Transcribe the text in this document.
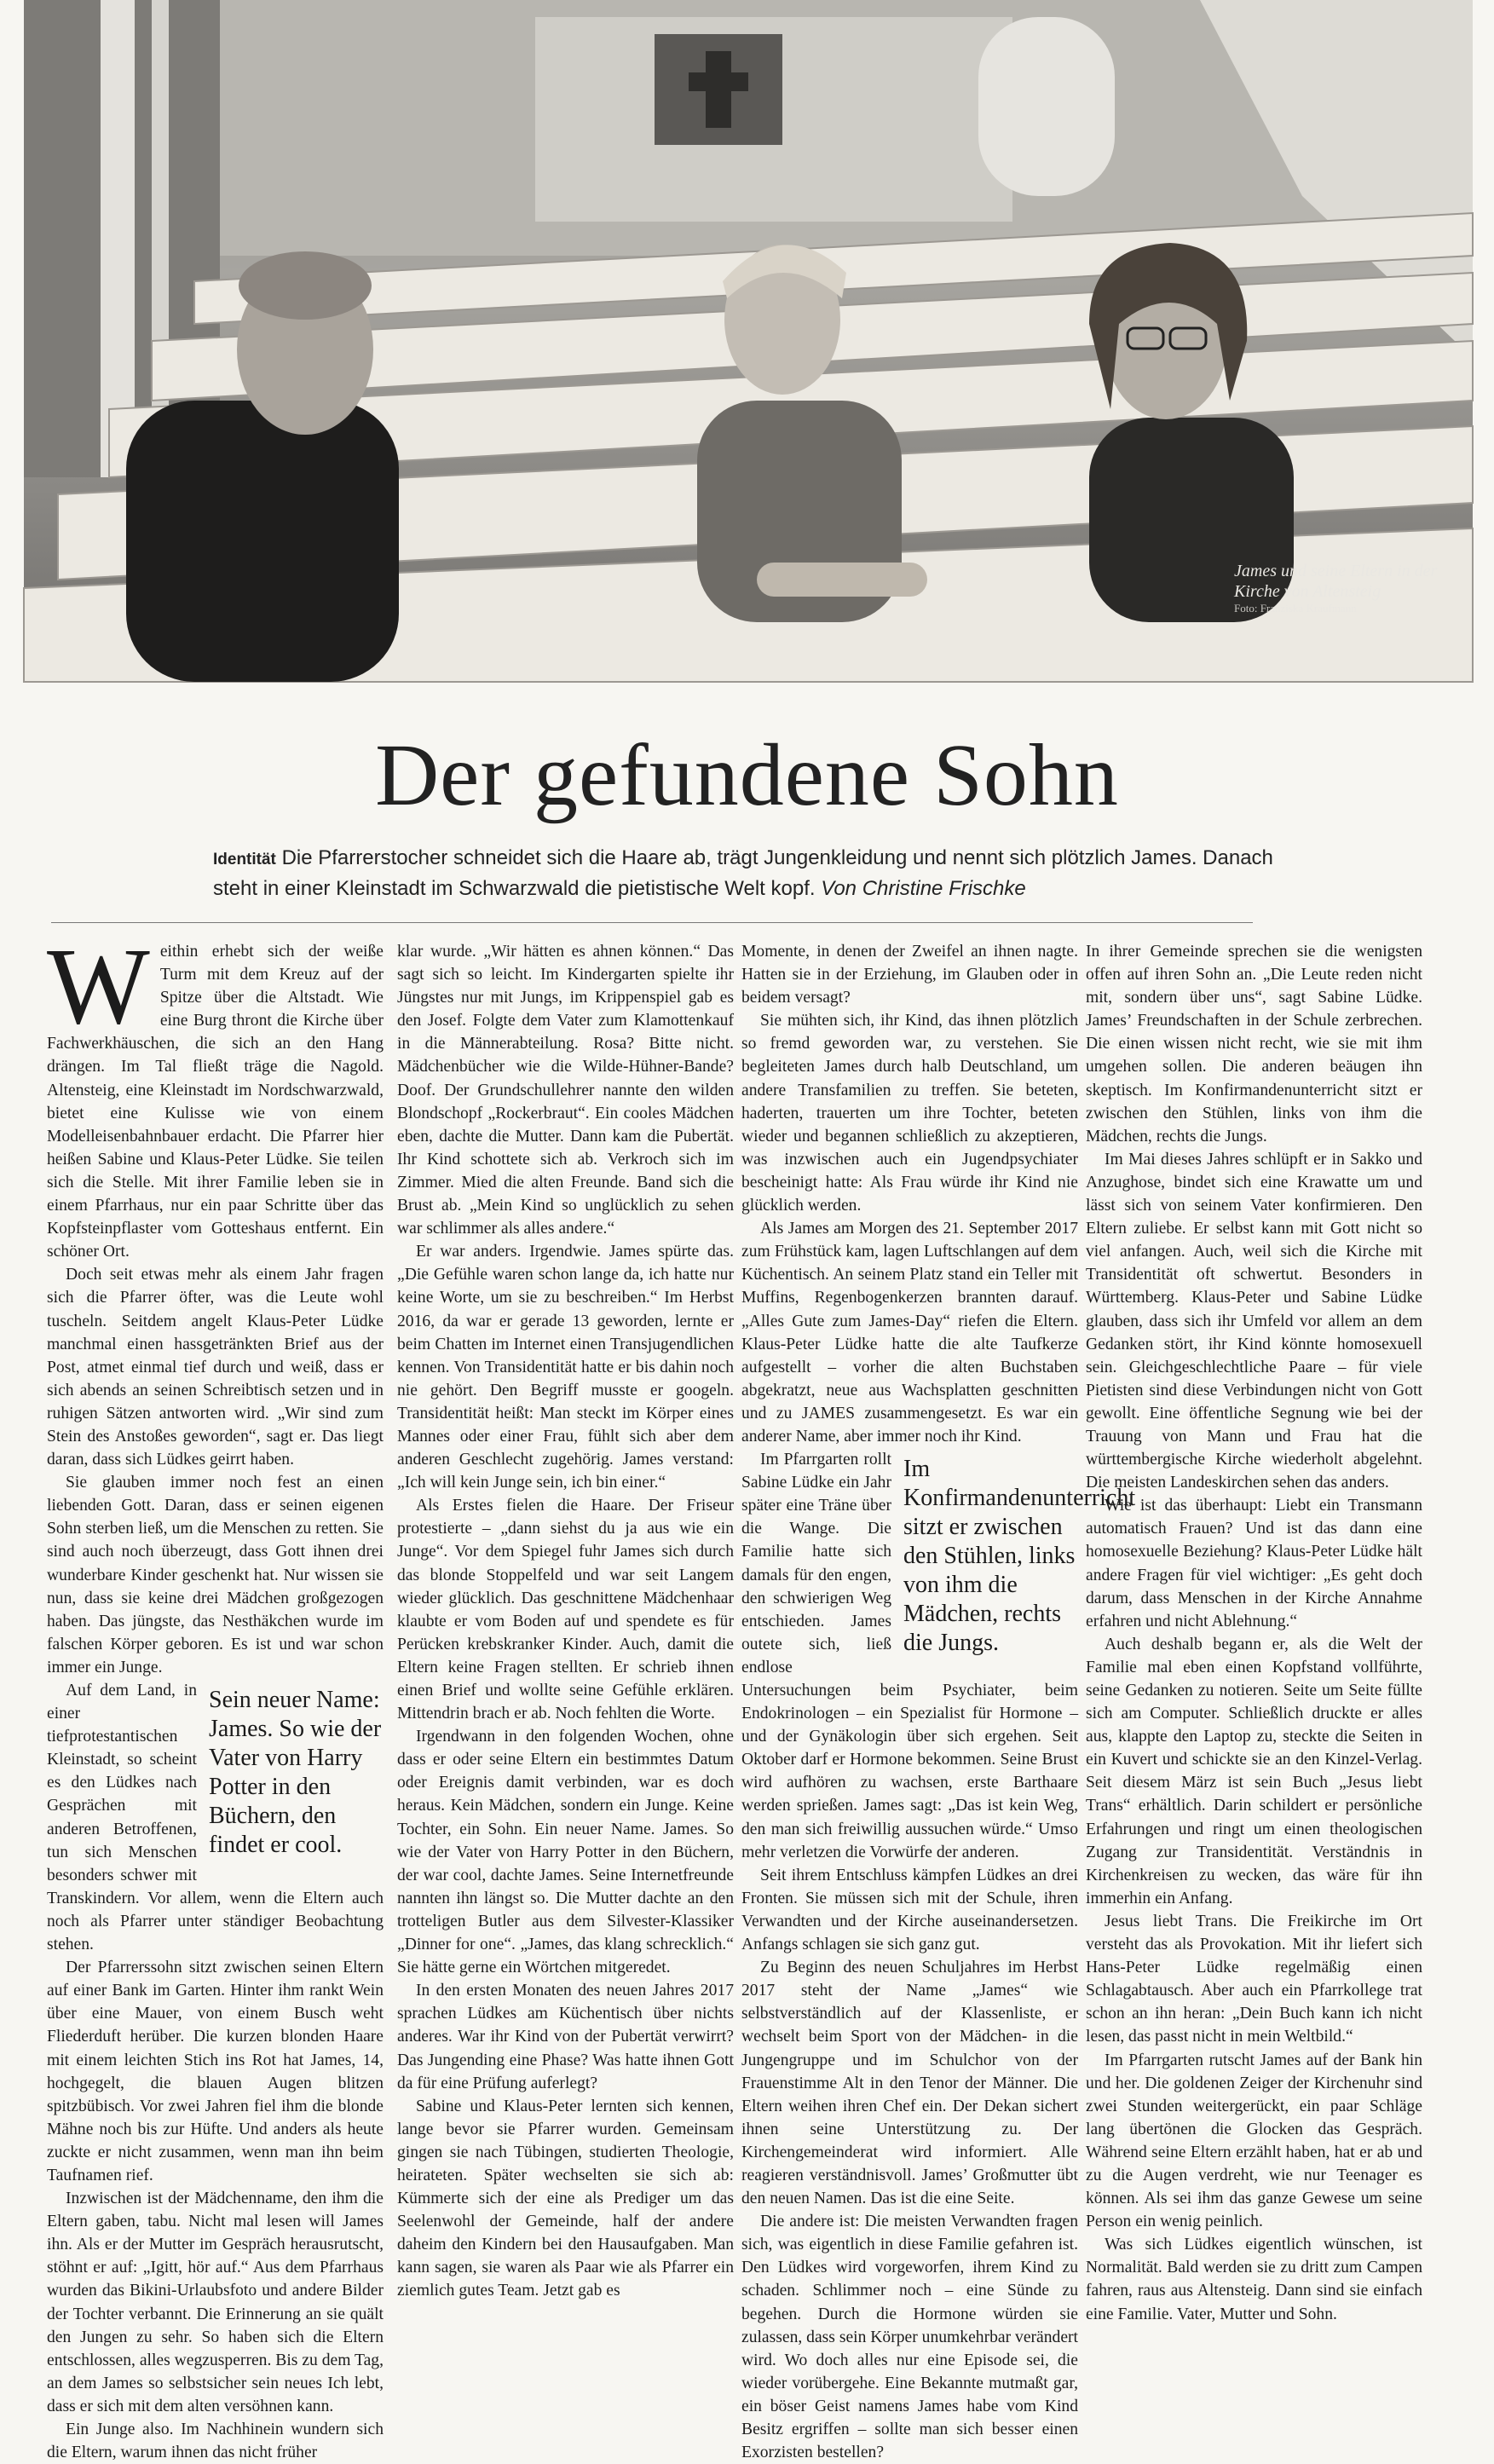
James und seine Eltern in der Kirche von Altensteig
Foto: Franziska Kraufmann
Der gefundene Sohn
Identität Die Pfarrerstocher schneidet sich die Haare ab, trägt Jungenkleidung und nennt sich plötzlich James. Danach steht in einer Kleinstadt im Schwarzwald die pietistische Welt kopf. Von Christine Frischke

Weithin erhebt sich der weiße Turm mit dem Kreuz auf der Spitze über die Altstadt. Wie eine Burg thront die Kirche über Fachwerkhäuschen, die sich an den Hang drängen. Im Tal fließt träge die Nagold. Altensteig, eine Kleinstadt im Nordschwarzwald, bietet eine Kulisse wie von einem Modelleisenbahnbauer erdacht. Die Pfarrer hier heißen Sabine und Klaus-Peter Lüdke. Sie teilen sich die Stelle. Mit ihrer Familie leben sie in einem Pfarrhaus, nur ein paar Schritte über das Kopfsteinpflaster vom Gotteshaus entfernt. Ein schöner Ort.

Doch seit etwas mehr als einem Jahr fragen sich die Pfarrer öfter, was die Leute wohl tuscheln. Seitdem angelt Klaus-Peter Lüdke manchmal einen hassgetränkten Brief aus der Post, atmet einmal tief durch und weiß, dass er sich abends an seinen Schreibtisch setzen und in ruhigen Sätzen antworten wird. „Wir sind zum Stein des Anstoßes geworden“, sagt er. Das liegt daran, dass sich Lüdkes geirrt haben.

Sie glauben immer noch fest an einen liebenden Gott. Daran, dass er seinen eigenen Sohn sterben ließ, um die Menschen zu retten. Sie sind auch noch überzeugt, dass Gott ihnen drei wunderbare Kinder geschenkt hat. Nur wissen sie nun, dass sie keine drei Mädchen großgezogen haben. Das jüngste, das Nesthäkchen wurde im falschen Körper geboren. Es ist und war schon immer ein Junge.

Sein neuer Name: James. So wie der Vater von Harry Potter in den Büchern, den findet er cool.

Auf dem Land, in einer tiefprotestantischen Kleinstadt, so scheint es den Lüdkes nach Gesprächen mit anderen Betroffenen, tun sich Menschen besonders schwer mit Transkindern. Vor allem, wenn die Eltern auch noch als Pfarrer unter ständiger Beobachtung stehen.

Der Pfarrerssohn sitzt zwischen seinen Eltern auf einer Bank im Garten. Hinter ihm rankt Wein über eine Mauer, von einem Busch weht Fliederduft herüber. Die kurzen blonden Haare mit einem leichten Stich ins Rot hat James, 14, hochgegelt, die blauen Augen blitzen spitzbübisch. Vor zwei Jahren fiel ihm die blonde Mähne noch bis zur Hüfte. Und anders als heute zuckte er nicht zusammen, wenn man ihn beim Taufnamen rief.

Inzwischen ist der Mädchenname, den ihm die Eltern gaben, tabu. Nicht mal lesen will James ihn. Als er der Mutter im Gespräch herausrutscht, stöhnt er auf: „Igitt, hör auf.“ Aus dem Pfarrhaus wurden das Bikini-Urlaubsfoto und andere Bilder der Tochter verbannt. Die Erinnerung an sie quält den Jungen zu sehr. So haben sich die Eltern entschlossen, alles wegzusperren. Bis zu dem Tag, an dem James so selbstsicher sein neues Ich lebt, dass er sich mit dem alten versöhnen kann.

Ein Junge also. Im Nachhinein wundern sich die Eltern, warum ihnen das nicht früher

klar wurde. „Wir hätten es ahnen können.“ Das sagt sich so leicht. Im Kindergarten spielte ihr Jüngstes nur mit Jungs, im Krippenspiel gab es den Josef. Folgte dem Vater zum Klamottenkauf in die Männerabteilung. Rosa? Bitte nicht. Mädchenbücher wie die Wilde-Hühner-Bande? Doof. Der Grundschullehrer nannte den wilden Blondschopf „Rockerbraut“. Ein cooles Mädchen eben, dachte die Mutter. Dann kam die Pubertät. Ihr Kind schottete sich ab. Verkroch sich im Zimmer. Mied die alten Freunde. Band sich die Brust ab. „Mein Kind so unglücklich zu sehen war schlimmer als alles andere.“

Er war anders. Irgendwie. James spürte das. „Die Gefühle waren schon lange da, ich hatte nur keine Worte, um sie zu beschreiben.“ Im Herbst 2016, da war er gerade 13 geworden, lernte er beim Chatten im Internet einen Transjugendlichen kennen. Von Transidentität hatte er bis dahin noch nie gehört. Den Begriff musste er googeln. Transidentität heißt: Man steckt im Körper eines Mannes oder einer Frau, fühlt sich aber dem anderen Geschlecht zugehörig. James verstand: „Ich will kein Junge sein, ich bin einer.“

Als Erstes fielen die Haare. Der Friseur protestierte – „dann siehst du ja aus wie ein Junge“. Vor dem Spiegel fuhr James sich durch das blonde Stoppelfeld und war seit Langem wieder glücklich. Das geschnittene Mädchenhaar klaubte er vom Boden auf und spendete es für Perücken krebskranker Kinder. Auch, damit die Eltern keine Fragen stellten. Er schrieb ihnen einen Brief und wollte seine Gefühle erklären. Mittendrin brach er ab. Noch fehlten die Worte.

Irgendwann in den folgenden Wochen, ohne dass er oder seine Eltern ein bestimmtes Datum oder Ereignis damit verbinden, war es doch heraus. Kein Mädchen, sondern ein Junge. Keine Tochter, ein Sohn. Ein neuer Name. James. So wie der Vater von Harry Potter in den Büchern, der war cool, dachte James. Seine Internetfreunde nannten ihn längst so. Die Mutter dachte an den trotteligen Butler aus dem Silvester-Klassiker „Dinner for one“. „James, das klang schrecklich.“ Sie hätte gerne ein Wörtchen mitgeredet.

In den ersten Monaten des neuen Jahres 2017 sprachen Lüdkes am Küchentisch über nichts anderes. War ihr Kind von der Pubertät verwirrt? Das Jungending eine Phase? Was hatte ihnen Gott da für eine Prüfung auferlegt?

Sabine und Klaus-Peter lernten sich kennen, lange bevor sie Pfarrer wurden. Gemeinsam gingen sie nach Tübingen, studierten Theologie, heirateten. Später wechselten sie sich ab: Kümmerte sich der eine als Prediger um das Seelenwohl der Gemeinde, half der andere daheim den Kindern bei den Hausaufgaben. Man kann sagen, sie waren als Paar wie als Pfarrer ein ziemlich gutes Team. Jetzt gab es

Momente, in denen der Zweifel an ihnen nagte. Hatten sie in der Erziehung, im Glauben oder in beidem versagt?

Sie mühten sich, ihr Kind, das ihnen plötzlich so fremd geworden war, zu verstehen. Sie begleiteten James durch halb Deutschland, um andere Transfamilien zu treffen. Sie beteten, haderten, trauerten um ihre Tochter, beteten wieder und begannen schließlich zu akzeptieren, was inzwischen auch ein Jugendpsychiater bescheinigt hatte: Als Frau würde ihr Kind nie glücklich werden.

Als James am Morgen des 21. September 2017 zum Frühstück kam, lagen Luftschlangen auf dem Küchentisch. An seinem Platz stand ein Teller mit Muffins, Regenbogenkerzen brannten darauf. „Alles Gute zum James-Day“ riefen die Eltern. Klaus-Peter Lüdke hatte die alte Taufkerze aufgestellt – vorher die alten Buchstaben abgekratzt, neue aus Wachsplatten geschnitten und zu JAMES zusammengesetzt. Es war ein anderer Name, aber immer noch ihr Kind.

Im Konfirmandenunterricht sitzt er zwischen den Stühlen, links von ihm die Mädchen, rechts die Jungs.

Im Pfarrgarten rollt Sabine Lüdke ein Jahr später eine Träne über die Wange. Die Familie hatte sich damals für den engen, den schwierigen Weg entschieden. James outete sich, ließ endlose Untersuchungen beim Psychiater, beim Endokrinologen – ein Spezialist für Hormone – und der Gynäkologin über sich ergehen. Seit Oktober darf er Hormone bekommen. Seine Brust wird aufhören zu wachsen, erste Barthaare werden sprießen. James sagt: „Das ist kein Weg, den man sich freiwillig aussuchen würde.“ Umso mehr verletzen die Vorwürfe der anderen.

Seit ihrem Entschluss kämpfen Lüdkes an drei Fronten. Sie müssen sich mit der Schule, ihren Verwandten und der Kirche auseinandersetzen. Anfangs schlagen sie sich ganz gut.

Zu Beginn des neuen Schuljahres im Herbst 2017 steht der Name „James“ wie selbstverständlich auf der Klassenliste, er wechselt beim Sport von der Mädchen- in die Jungengruppe und im Schulchor von der Frauenstimme Alt in den Tenor der Männer. Die Eltern weihen ihren Chef ein. Der Dekan sichert ihnen seine Unterstützung zu. Der Kirchengemeinderat wird informiert. Alle reagieren verständnisvoll. James’ Großmutter übt den neuen Namen. Das ist die eine Seite.

Die andere ist: Die meisten Verwandten fragen sich, was eigentlich in diese Familie gefahren ist. Den Lüdkes wird vorgeworfen, ihrem Kind zu schaden. Schlimmer noch – eine Sünde zu begehen. Durch die Hormone würden sie zulassen, dass sein Körper unumkehrbar verändert wird. Wo doch alles nur eine Episode sei, die wieder vorübergehe. Eine Bekannte mutmaßt gar, ein böser Geist namens James habe vom Kind Besitz ergriffen – sollte man sich besser einen Exorzisten bestellen?

In ihrer Gemeinde sprechen sie die wenigsten offen auf ihren Sohn an. „Die Leute reden nicht mit, sondern über uns“, sagt Sabine Lüdke. James’ Freundschaften in der Schule zerbrechen. Die einen wissen nicht recht, wie sie mit ihm umgehen sollen. Die anderen beäugen ihn skeptisch. Im Konfirmandenunterricht sitzt er zwischen den Stühlen, links von ihm die Mädchen, rechts die Jungs.

Im Mai dieses Jahres schlüpft er in Sakko und Anzughose, bindet sich eine Krawatte um und lässt sich von seinem Vater konfirmieren. Den Eltern zuliebe. Er selbst kann mit Gott nicht so viel anfangen. Auch, weil sich die Kirche mit Transidentität oft schwertut. Besonders in Württemberg. Klaus-Peter und Sabine Lüdke glauben, dass sich ihr Umfeld vor allem an dem Gedanken stört, ihr Kind könnte homosexuell sein. Gleichgeschlechtliche Paare – für viele Pietisten sind diese Verbindungen nicht von Gott gewollt. Eine öffentliche Segnung wie bei der Trauung von Mann und Frau hat die württembergische Kirche wiederholt abgelehnt. Die meisten Landeskirchen sehen das anders.

Wie ist das überhaupt: Liebt ein Transmann automatisch Frauen? Und ist das dann eine homosexuelle Beziehung? Klaus-Peter Lüdke hält andere Fragen für viel wichtiger: „Es geht doch darum, dass Menschen in der Kirche Annahme erfahren und nicht Ablehnung.“

Auch deshalb begann er, als die Welt der Familie mal eben einen Kopfstand vollführte, seine Gedanken zu notieren. Seite um Seite füllte sich am Computer. Schließlich druckte er alles aus, klappte den Laptop zu, steckte die Seiten in ein Kuvert und schickte sie an den Kinzel-Verlag. Seit diesem März ist sein Buch „Jesus liebt Trans“ erhältlich. Darin schildert er persönliche Erfahrungen und ringt um einen theologischen Zugang zur Transidentität. Verständnis in Kirchenkreisen zu wecken, das wäre für ihn immerhin ein Anfang.

Jesus liebt Trans. Die Freikirche im Ort versteht das als Provokation. Mit ihr liefert sich Hans-Peter Lüdke regelmäßig einen Schlagabtausch. Aber auch ein Pfarrkollege trat schon an ihn heran: „Dein Buch kann ich nicht lesen, das passt nicht in mein Weltbild.“

Im Pfarrgarten rutscht James auf der Bank hin und her. Die goldenen Zeiger der Kirchenuhr sind zwei Stunden weitergerückt, ein paar Schläge lang übertönen die Glocken das Gespräch. Während seine Eltern erzählt haben, hat er ab und zu die Augen verdreht, wie nur Teenager es können. Als sei ihm das ganze Gewese um seine Person ein wenig peinlich.

Was sich Lüdkes eigentlich wünschen, ist Normalität. Bald werden sie zu dritt zum Campen fahren, raus aus Altensteig. Dann sind sie einfach eine Familie. Vater, Mutter und Sohn.
